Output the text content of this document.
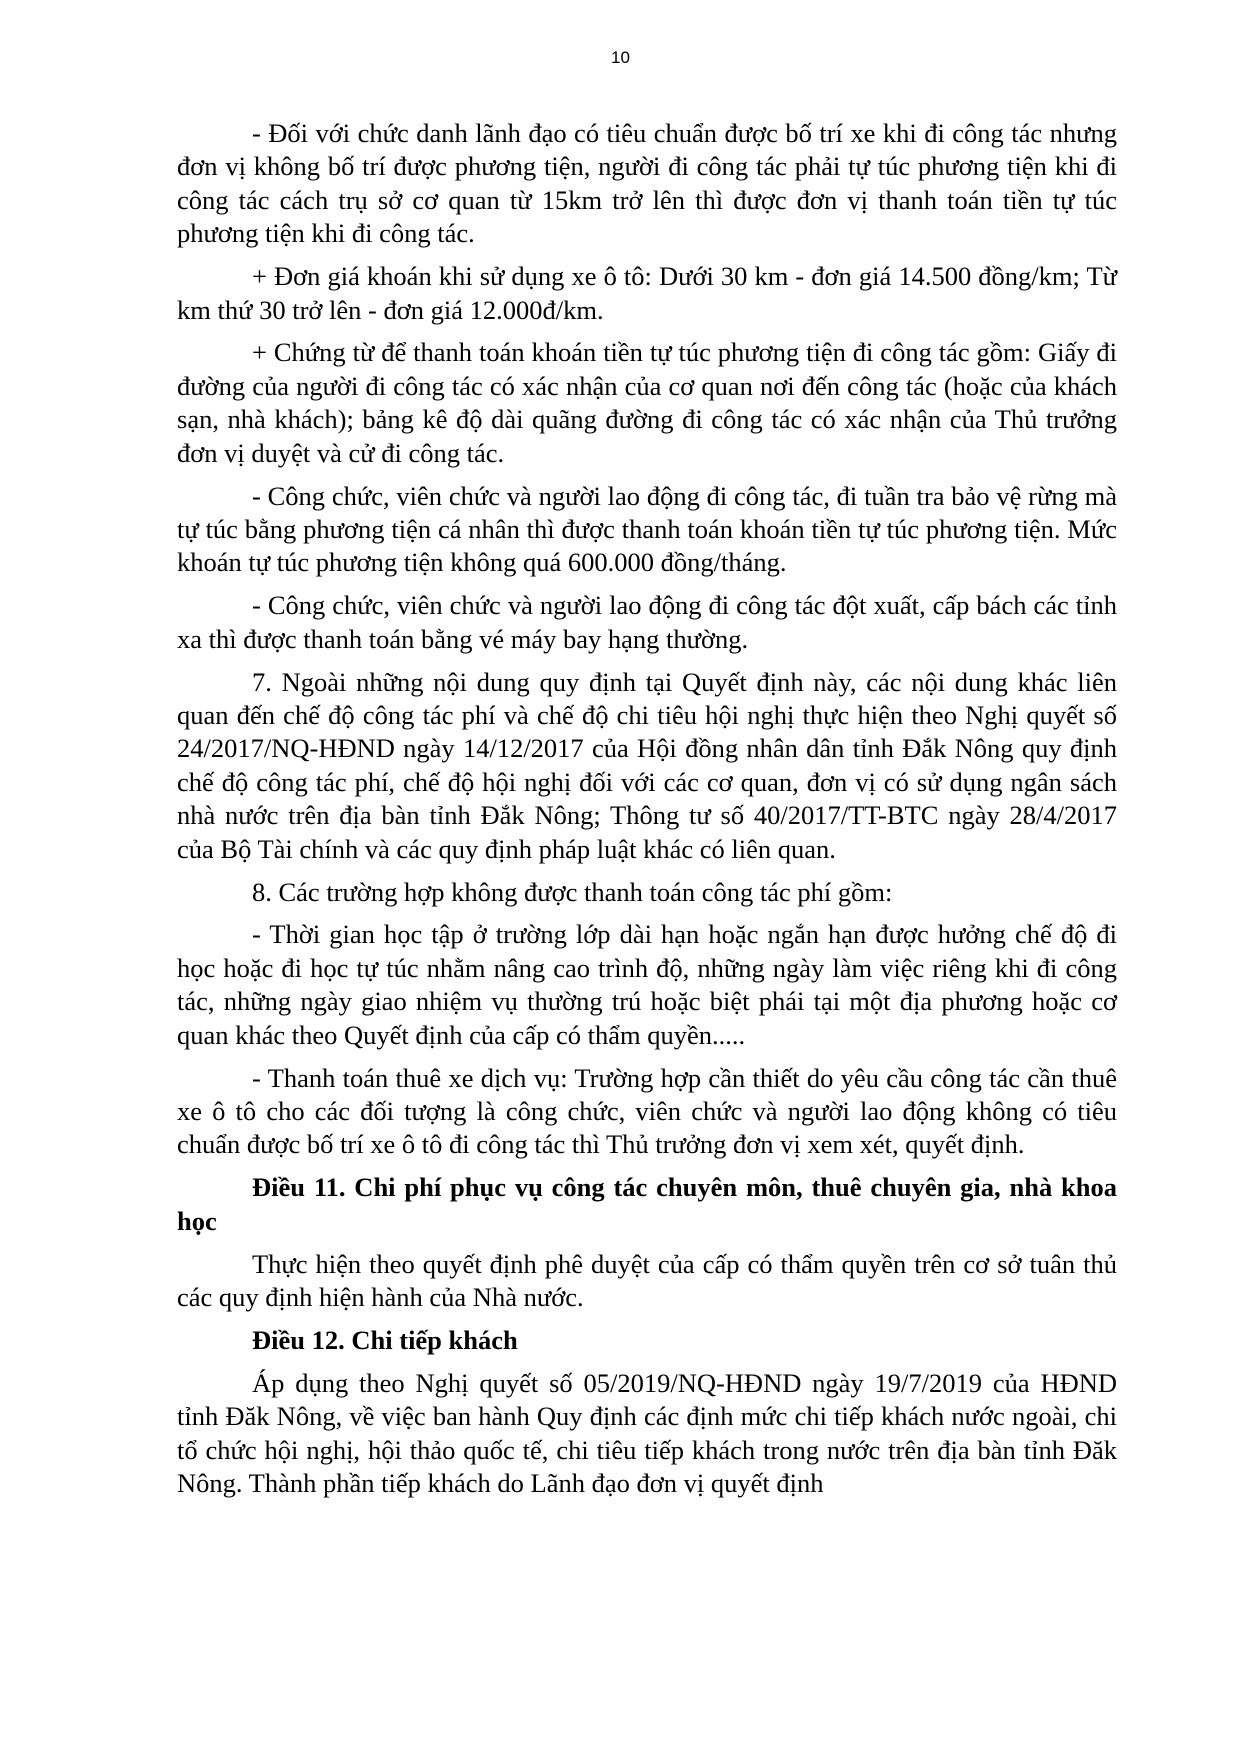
10

- Đối với chức danh lãnh đạo có tiêu chuẩn được bố trí xe khi đi công tác nhưng đơn vị không bố trí được phương tiện, người đi công tác phải tự túc phương tiện khi đi công tác cách trụ sở cơ quan từ 15km trở lên thì được đơn vị thanh toán tiền tự túc phương tiện khi đi công tác.

+ Đơn giá khoán khi sử dụng xe ô tô: Dưới 30 km - đơn giá 14.500 đồng/km; Từ km thứ 30 trở lên - đơn giá 12.000đ/km.

+ Chứng từ để thanh toán khoán tiền tự túc phương tiện đi công tác gồm: Giấy đi đường của người đi công tác có xác nhận của cơ quan nơi đến công tác (hoặc của khách sạn, nhà khách); bảng kê độ dài quãng đường đi công tác có xác nhận của Thủ trưởng đơn vị duyệt và cử đi công tác.

- Công chức, viên chức và người lao động đi công tác, đi tuần tra bảo vệ rừng mà tự túc bằng phương tiện cá nhân thì được thanh toán khoán tiền tự túc phương tiện. Mức khoán tự túc phương tiện không quá 600.000 đồng/tháng.

- Công chức, viên chức và người lao động đi công tác đột xuất, cấp bách các tỉnh xa thì được thanh toán bằng vé máy bay hạng thường.

7. Ngoài những nội dung quy định tại Quyết định này, các nội dung khác liên quan đến chế độ công tác phí và chế độ chi tiêu hội nghị thực hiện theo Nghị quyết số 24/2017/NQ-HĐND ngày 14/12/2017 của Hội đồng nhân dân tỉnh Đắk Nông quy định chế độ công tác phí, chế độ hội nghị đối với các cơ quan, đơn vị có sử dụng ngân sách nhà nước trên địa bàn tỉnh Đắk Nông; Thông tư số 40/2017/TT-BTC ngày 28/4/2017 của Bộ Tài chính và các quy định pháp luật khác có liên quan.

8. Các trường hợp không được thanh toán công tác phí gồm:

- Thời gian học tập ở trường lớp dài hạn hoặc ngắn hạn được hưởng chế độ đi học hoặc đi học tự túc nhằm nâng cao trình độ, những ngày làm việc riêng khi đi công tác, những ngày giao nhiệm vụ thường trú hoặc biệt phái tại một địa phương hoặc cơ quan khác theo Quyết định của cấp có thẩm quyền.....

- Thanh toán thuê xe dịch vụ: Trường hợp cần thiết do yêu cầu công tác cần thuê xe ô tô cho các đối tượng là công chức, viên chức và người lao động không có tiêu chuẩn được bố trí xe ô tô đi công tác thì Thủ trưởng đơn vị xem xét, quyết định.

Điều 11. Chi phí phục vụ công tác chuyên môn, thuê chuyên gia, nhà khoa học

Thực hiện theo quyết định phê duyệt của cấp có thẩm quyền trên cơ sở tuân thủ các quy định hiện hành của Nhà nước.

Điều 12. Chi tiếp khách

Áp dụng theo Nghị quyết số 05/2019/NQ-HĐND ngày 19/7/2019 của HĐND tỉnh Đăk Nông, về việc ban hành Quy định các định mức chi tiếp khách nước ngoài, chi tổ chức hội nghị, hội thảo quốc tế, chi tiêu tiếp khách trong nước trên địa bàn tỉnh Đăk Nông. Thành phần tiếp khách do Lãnh đạo đơn vị quyết định
